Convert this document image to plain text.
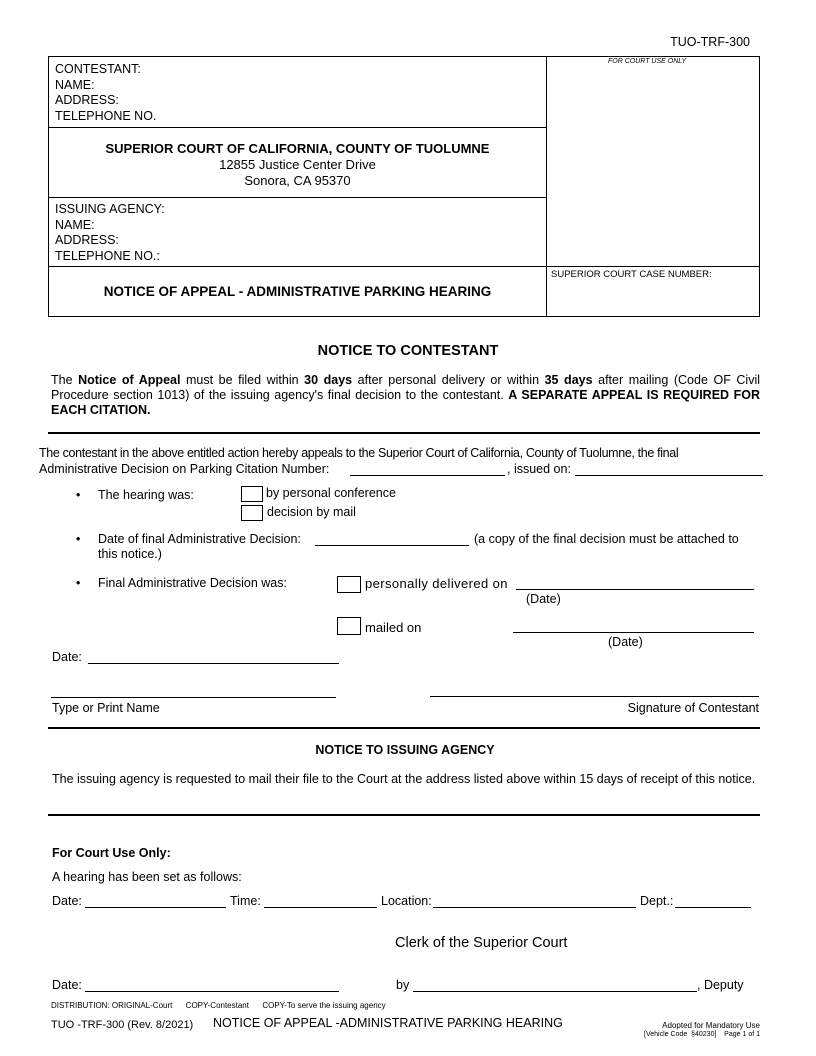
TUO-TRF-300
CONTESTANT:
NAME:
ADDRESS:
TELEPHONE NO.
SUPERIOR COURT OF CALIFORNIA, COUNTY OF TUOLUMNE
12855 Justice Center Drive
Sonora, CA 95370
ISSUING AGENCY:
NAME:
ADDRESS:
TELEPHONE NO.:
NOTICE OF APPEAL - ADMINISTRATIVE PARKING HEARING
FOR COURT USE ONLY
SUPERIOR COURT CASE NUMBER:
NOTICE TO CONTESTANT
The Notice of Appeal must be filed within 30 days after personal delivery or within 35 days after mailing (Code OF Civil Procedure section 1013) of the issuing agency's final decision to the contestant. A SEPARATE APPEAL IS REQUIRED FOR EACH CITATION.
The contestant in the above entitled action hereby appeals to the Superior Court of California, County of Tuolumne, the final
Administrative Decision on Parking Citation Number:	, issued on:
• The hearing was:	by personal conference
decision by mail
• Date of final Administrative Decision:	(a copy of the final decision must be attached to this notice.)
• Final Administrative Decision was:	personally delivered on
(Date)
mailed on
(Date)
Date:
Type or Print Name	Signature of Contestant
NOTICE TO ISSUING AGENCY
The issuing agency is requested to mail their file to the Court at the address listed above within 15 days of receipt of this notice.
For Court Use Only:
A hearing has been set as follows:
Date:	Time:	Location:	Dept.:
Clerk of the Superior Court
Date:	by	, Deputy
DISTRIBUTION: ORIGINAL-Court      COPY-Contestant      COPY-To serve the issuing agency
TUO -TRF-300 (Rev. 8/2021) NOTICE OF APPEAL -ADMINISTRATIVE PARKING HEARING	Adopted for Mandatory Use
[Vehicle Code  §40230]    Page 1 of 1
